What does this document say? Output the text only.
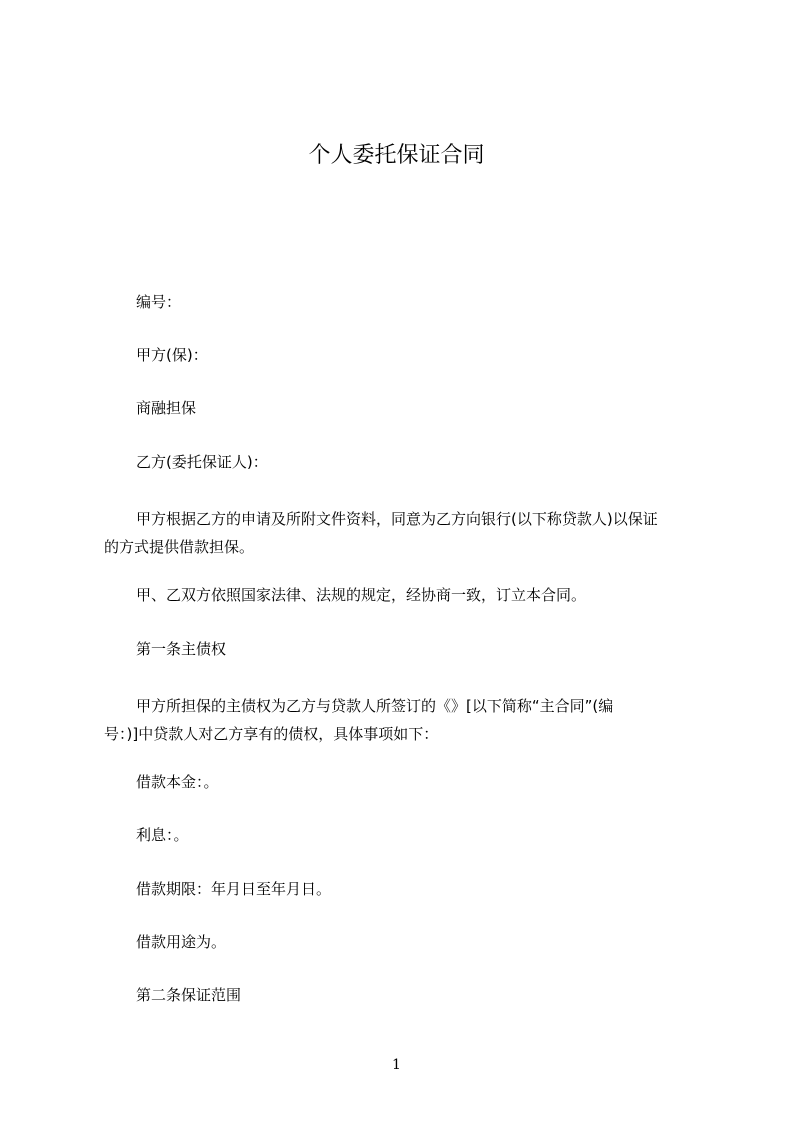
个人委托保证合同

编号：

甲方(保)：

商融担保

乙方(委托保证人)：

甲方根据乙方的申请及所附文件资料，同意为乙方向银行(以下称贷款人)以保证
的方式提供借款担保。

甲、乙双方依照国家法律、法规的规定，经协商一致，订立本合同。

第一条主债权

甲方所担保的主债权为乙方与贷款人所签订的《》[以下简称“主合同”(编
号：)]中贷款人对乙方享有的债权，具体事项如下：

借款本金：。

利息：。

借款期限：年月日至年月日。

借款用途为。

第二条保证范围

1
